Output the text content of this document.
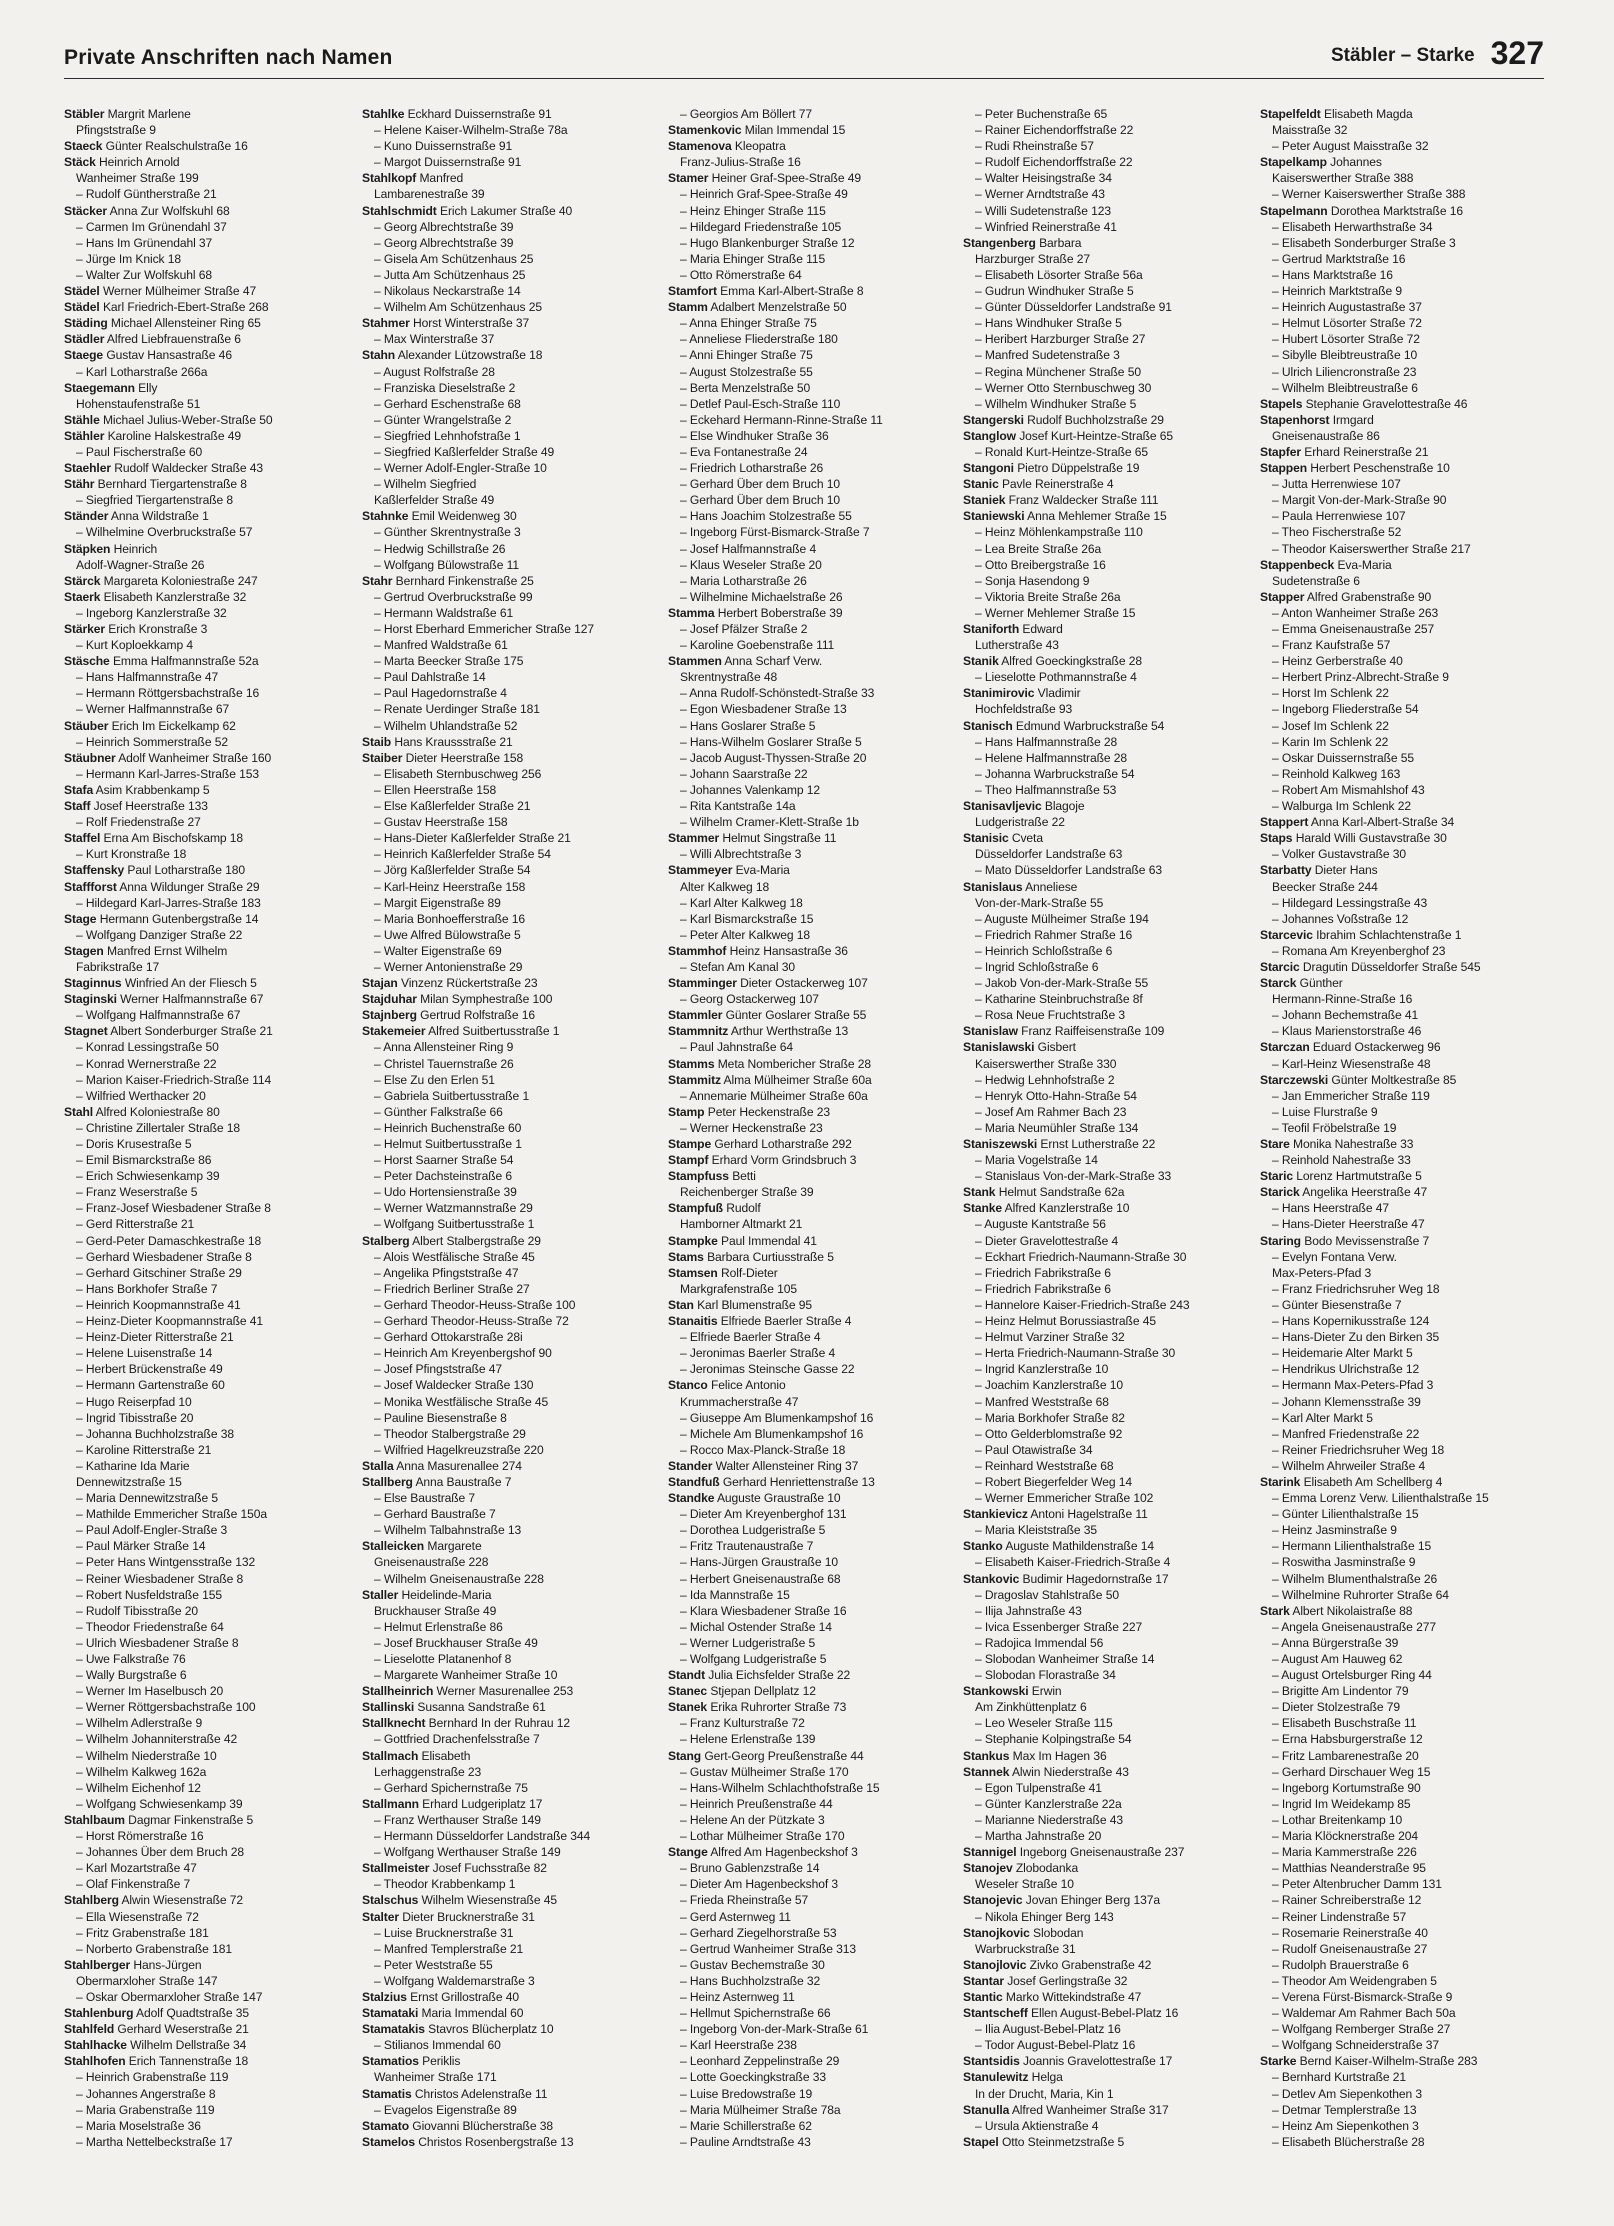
Private Anschriften nach Namen	Stäbler – Starke 327
Stäbler Margrit Marlene
Pfingststraße 9
Staeck Günter Realschulstraße 16
Stäck Heinrich Arnold
Wanheimer Straße 199
– Rudolf Güntherstraße 21
Stäcker Anna Zur Wolfskuhl 68
– Carmen Im Grünendahl 37
– Hans Im Grünendahl 37
– Jürge Im Knick 18
– Walter Zur Wolfskuhl 68
Städel Werner Mülheimer Straße 47
Städel Karl Friedrich-Ebert-Straße 268
Städing Michael Allensteiner Ring 65
Städler Alfred Liebfrauenstraße 6
Staege Gustav Hansastraße 46
– Karl Lotharstraße 266a
Staegemann Elly
Hohenstaufenstraße 51
Stähle Michael Julius-Weber-Straße 50
Stähler Karoline Halskestraße 49
– Paul Fischerstraße 60
Staehler Rudolf Waldecker Straße 43
Stähr Bernhard Tiergartenstraße 8
– Siegfried Tiergartenstraße 8
Ständer Anna Wildstraße 1
– Wilhelmine Overbruckstraße 57
Stäpken Heinrich
Adolf-Wagner-Straße 26
Stärck Margareta Koloniestraße 247
Staerk Elisabeth Kanzlerstraße 32
– Ingeborg Kanzlerstraße 32
Stärker Erich Kronstraße 3
– Kurt Koploekkamp 4
Stäsche Emma Halfmannstraße 52a
– Hans Halfmannstraße 47
– Hermann Röttgersbachstraße 16
– Werner Halfmannstraße 67
Stäuber Erich Im Eickelkamp 62
– Heinrich Sommerstraße 52
Stäubner Adolf Wanheimer Straße 160
– Hermann Karl-Jarres-Straße 153
Stafa Asim Krabbenkamp 5
Staff Josef Heerstraße 133
– Rolf Friedenstraße 27
Staffel Erna Am Bischofskamp 18
– Kurt Kronstraße 18
Staffensky Paul Lotharstraße 180
Staffforst Anna Wildunger Straße 29
– Hildegard Karl-Jarres-Straße 183
Stage Hermann Gutenbergstraße 14
– Wolfgang Danziger Straße 22
Stagen Manfred Ernst Wilhelm
Fabrikstraße 17
Staginnus Winfried An der Fliesch 5
Staginski Werner Halfmannstraße 67
– Wolfgang Halfmannstraße 67
Stagnet Albert Sonderburger Straße 21
– Konrad Lessingstraße 50
– Konrad Wernerstraße 22
– Marion Kaiser-Friedrich-Straße 114
– Wilfried Werthacker 20
Stahl Alfred Koloniestraße 80
– Christine Zillertaler Straße 18
– Doris Krusestraße 5
– Emil Bismarckstraße 86
– Erich Schwiesenkamp 39
– Franz Weserstraße 5
– Franz-Josef Wiesbadener Straße 8
– Gerd Ritterstraße 21
– Gerd-Peter Damaschkestraße 18
– Gerhard Wiesbadener Straße 8
– Gerhard Gitschiner Straße 29
– Hans Borkhofer Straße 7
– Heinrich Koopmannstraße 41
– Heinz-Dieter Koopmannstraße 41
– Heinz-Dieter Ritterstraße 21
– Helene Luisenstraße 14
– Herbert Brückenstraße 49
– Hermann Gartenstraße 60
– Hugo Reiserpfad 10
– Ingrid Tibisstraße 20
– Johanna Buchholzstraße 38
– Karoline Ritterstraße 21
– Katharine Ida Marie
Dennewitzstraße 15
– Maria Dennewitzstraße 5
– Mathilde Emmericher Straße 150a
– Paul Adolf-Engler-Straße 3
– Paul Märker Straße 14
– Peter Hans Wintgensstraße 132
– Reiner Wiesbadener Straße 8
– Robert Nusfeldstraße 155
– Rudolf Tibisstraße 20
– Theodor Friedenstraße 64
– Ulrich Wiesbadener Straße 8
– Uwe Falkstraße 76
– Wally Burgstraße 6
– Werner Im Haselbusch 20
– Werner Röttgersbachstraße 100
– Wilhelm Adlerstraße 9
– Wilhelm Johanniterstraße 42
– Wilhelm Niederstraße 10
– Wilhelm Kalkweg 162a
– Wilhelm Eichenhof 12
– Wolfgang Schwiesenkamp 39
Stahlbaum Dagmar Finkenstraße 5
– Horst Römerstraße 16
– Johannes Über dem Bruch 28
– Karl Mozartstraße 47
– Olaf Finkenstraße 7
Stahlberg Alwin Wiesenstraße 72
– Ella Wiesenstraße 72
– Fritz Grabenstraße 181
– Norberto Grabenstraße 181
Stahlberger Hans-Jürgen
Obermarxloher Straße 147
– Oskar Obermarxloher Straße 147
Stahlenburg Adolf Quadtstraße 35
Stahlfeld Gerhard Weserstraße 21
Stahlhacke Wilhelm Dellstraße 34
Stahlhofen Erich Tannenstraße 18
– Heinrich Grabenstraße 119
– Johannes Angerstraße 8
– Maria Grabenstraße 119
– Maria Moselstraße 36
– Martha Nettelbeckstraße 17
Stahlke Eckhard Duissernstraße 91
– Helene Kaiser-Wilhelm-Straße 78a
– Kuno Duissernstraße 91
– Margot Duissernstraße 91
Stahlkopf Manfred
Lambarenestraße 39
Stahlschmidt Erich Lakumer Straße 40
– Georg Albrechtstraße 39
– Georg Albrechtstraße 39
– Gisela Am Schützenhaus 25
– Jutta Am Schützenhaus 25
– Nikolaus Neckarstraße 14
– Wilhelm Am Schützenhaus 25
Stahmer Horst Winterstraße 37
– Max Winterstraße 37
Stahn Alexander Lützowstraße 18
– August Rolfstraße 28
– Franziska Dieselstraße 2
– Gerhard Eschenstraße 68
– Günter Wrangelstraße 2
– Siegfried Lehnhofstraße 1
– Siegfried Kaßlerfelder Straße 49
– Werner Adolf-Engler-Straße 10
– Wilhelm Siegfried
Kaßlerfelder Straße 49
Stahnke Emil Weidenweg 30
– Günther Skrentnystraße 3
– Hedwig Schillstraße 26
– Wolfgang Bülowstraße 11
Stahr Bernhard Finkenstraße 25
– Gertrud Overbruckstraße 99
– Hermann Waldstraße 61
– Horst Eberhard Emmericher Straße 127
– Manfred Waldstraße 61
– Marta Beecker Straße 175
– Paul Dahlstraße 14
– Paul Hagedornstraße 4
– Renate Uerdinger Straße 181
– Wilhelm Uhlandstraße 52
Staib Hans Kraussstraße 21
Staiber Dieter Heerstraße 158
– Elisabeth Sternbuschweg 256
– Ellen Heerstraße 158
– Else Kaßlerfelder Straße 21
– Gustav Heerstraße 158
– Hans-Dieter Kaßlerfelder Straße 21
– Heinrich Kaßlerfelder Straße 54
– Jörg Kaßlerfelder Straße 54
– Karl-Heinz Heerstraße 158
– Margit Eigenstraße 89
– Maria Bonhoefferstraße 16
– Uwe Alfred Bülowstraße 5
– Walter Eigenstraße 69
– Werner Antonienstraße 29
Stajan Vinzenz Rückertstraße 23
Stajduhar Milan Symphestraße 100
Stajnberg Gertrud Rolfstraße 16
Stakemeier Alfred Suitbertusstraße 1
– Anna Allensteiner Ring 9
– Christel Tauernstraße 26
– Else Zu den Erlen 51
– Gabriela Suitbertusstraße 1
– Günther Falkstraße 66
– Heinrich Buchenstraße 60
– Helmut Suitbertusstraße 1
– Horst Saarner Straße 54
– Peter Dachsteinstraße 6
– Udo Hortensienstraße 39
– Werner Watzmannstraße 29
– Wolfgang Suitbertusstraße 1
Stalberg Albert Stalbergstraße 29
– Alois Westfälische Straße 45
– Angelika Pfingststraße 47
– Friedrich Berliner Straße 27
– Gerhard Theodor-Heuss-Straße 100
– Gerhard Theodor-Heuss-Straße 72
– Gerhard Ottokarstraße 28i
– Heinrich Am Kreyenbergshof 90
– Josef Pfingststraße 47
– Josef Waldecker Straße 130
– Monika Westfälische Straße 45
– Pauline Biesenstraße 8
– Theodor Stalbergstraße 29
– Wilfried Hagelkreuzstraße 220
Stalla Anna Masurenallee 274
Stallberg Anna Baustraße 7
– Else Baustraße 7
– Gerhard Baustraße 7
– Wilhelm Talbahnstraße 13
Stalleicken Margarete
Gneisenaustraße 228
– Wilhelm Gneisenaustraße 228
Staller Heidelinde-Maria
Bruckhauser Straße 49
– Helmut Erlenstraße 86
– Josef Bruckhauser Straße 49
– Lieselotte Platanenhof 8
– Margarete Wanheimer Straße 10
Stallheinrich Werner Masurenallee 253
Stallinski Susanna Sandstraße 61
Stallknecht Bernhard In der Ruhrau 12
– Gottfried Drachenfelsstraße 7
Stallmach Elisabeth
Lerhaggenstraße 23
– Gerhard Spichernstraße 75
Stallmann Erhard Ludgeriplatz 17
– Franz Werthauser Straße 149
– Hermann Düsseldorfer Landstraße 344
– Wolfgang Werthauser Straße 149
Stallmeister Josef Fuchsstraße 82
– Theodor Krabbenkamp 1
Stalschus Wilhelm Wiesenstraße 45
Stalter Dieter Brucknerstraße 31
– Luise Brucknerstraße 31
– Manfred Templerstraße 21
– Peter Weststraße 55
– Wolfgang Waldemarstraße 3
Stalzius Ernst Grillostraße 40
Stamataki Maria Immendal 60
Stamatakis Stavros Blücherplatz 10
– Stilianos Immendal 60
Stamatios Periklis
Wanheimer Straße 171
Stamatis Christos Adelenstraße 11
– Evagelos Eigenstraße 89
Stamato Giovanni Blücherstraße 38
Stamelos Christos Rosenbergstraße 13
– Georgios Am Böllert 77
Stamenkovic Milan Immendal 15
Stamenova Kleopatra
Franz-Julius-Straße 16
Stamer Heiner Graf-Spee-Straße 49
– Heinrich Graf-Spee-Straße 49
– Heinz Ehinger Straße 115
– Hildegard Friedenstraße 105
– Hugo Blankenburger Straße 12
– Maria Ehinger Straße 115
– Otto Römerstraße 64
Stamfort Emma Karl-Albert-Straße 8
Stamm Adalbert Menzelstraße 50
– Anna Ehinger Straße 75
– Anneliese Fliederstraße 180
– Anni Ehinger Straße 75
– August Stolzestraße 55
– Berta Menzelstraße 50
– Detlef Paul-Esch-Straße 110
– Eckehard Hermann-Rinne-Straße 11
– Else Windhuker Straße 36
– Eva Fontanestraße 24
– Friedrich Lotharstraße 26
– Gerhard Über dem Bruch 10
– Gerhard Über dem Bruch 10
– Hans Joachim Stolzestraße 55
– Ingeborg Fürst-Bismarck-Straße 7
– Josef Halfmannstraße 4
– Klaus Weseler Straße 20
– Maria Lotharstraße 26
– Wilhelmine Michaelstraße 26
Stamma Herbert Boberstraße 39
– Josef Pfälzer Straße 2
– Karoline Goebenstraße 111
Stammen Anna Scharf Verw.
Skrentnystraße 48
– Anna Rudolf-Schönstedt-Straße 33
– Egon Wiesbadener Straße 13
– Hans Goslarer Straße 5
– Hans-Wilhelm Goslarer Straße 5
– Jacob August-Thyssen-Straße 20
– Johann Saarstraße 22
– Johannes Valenkamp 12
– Rita Kantstraße 14a
– Wilhelm Cramer-Klett-Straße 1b
Stammer Helmut Singstraße 11
– Willi Albrechtstraße 3
Stammeyer Eva-Maria
Alter Kalkweg 18
– Karl Alter Kalkweg 18
– Karl Bismarckstraße 15
– Peter Alter Kalkweg 18
Stammhof Heinz Hansastraße 36
– Stefan Am Kanal 30
Stamminger Dieter Ostackerweg 107
– Georg Ostackerweg 107
Stammler Günter Goslarer Straße 55
Stammnitz Arthur Werthstraße 13
– Paul Jahnstraße 64
Stamms Meta Nombericher Straße 28
Stammitz Alma Mülheimer Straße 60a
– Annemarie Mülheimer Straße 60a
Stamp Peter Heckenstraße 23
– Werner Heckenstraße 23
Stampe Gerhard Lotharstraße 292
Stampf Erhard Vorm Grindsbruch 3
Stampfuss Betti
Reichenberger Straße 39
Stampfuß Rudolf
Hamborner Altmarkt 21
Stampke Paul Immendal 41
Stams Barbara Curtiusstraße 5
Stamsen Rolf-Dieter
Markgrafenstraße 105
Stan Karl Blumenstraße 95
Stanaitis Elfriede Baerler Straße 4
– Elfriede Baerler Straße 4
– Jeronimas Baerler Straße 4
– Jeronimas Steinsche Gasse 22
Stanco Felice Antonio
Krummacherstraße 47
– Giuseppe Am Blumenkampshof 16
– Michele Am Blumenkampshof 16
– Rocco Max-Planck-Straße 18
Stander Walter Allensteiner Ring 37
Standfuß Gerhard Henriettenstraße 13
Standke Auguste Graustraße 10
– Dieter Am Kreyenberghof 131
– Dorothea Ludgeristraße 5
– Fritz Trautenaustraße 7
– Hans-Jürgen Graustraße 10
– Herbert Gneisenaustraße 68
– Ida Mannstraße 15
– Klara Wiesbadener Straße 16
– Michal Ostender Straße 14
– Werner Ludgeristraße 5
– Wolfgang Ludgeristraße 5
Standt Julia Eichsfelder Straße 22
Stanec Stjepan Dellplatz 12
Stanek Erika Ruhrorter Straße 73
– Franz Kulturstraße 72
– Helene Erlenstraße 139
Stang Gert-Georg Preußenstraße 44
– Gustav Mülheimer Straße 170
– Hans-Wilhelm Schlachthofstraße 15
– Heinrich Preußenstraße 44
– Helene An der Pützkate 3
– Lothar Mülheimer Straße 170
Stange Alfred Am Hagenbeckshof 3
– Bruno Gablenzstraße 14
– Dieter Am Hagenbeckshof 3
– Frieda Rheinstraße 57
– Gerd Asternweg 11
– Gerhard Ziegelhorstraße 53
– Gertrud Wanheimer Straße 313
– Gustav Bechemstraße 30
– Hans Buchholzstraße 32
– Heinz Asternweg 11
– Hellmut Spichernstraße 66
– Ingeborg Von-der-Mark-Straße 61
– Karl Heerstraße 238
– Leonhard Zeppelinstraße 29
– Lotte Goeckingkstraße 33
– Luise Bredowstraße 19
– Maria Mülheimer Straße 78a
– Marie Schillerstraße 62
– Pauline Arndtstraße 43
– Peter Buchenstraße 65
– Rainer Eichendorffstraße 22
– Rudi Rheinstraße 57
– Rudolf Eichendorffstraße 22
– Walter Heisingstraße 34
– Werner Arndtstraße 43
– Willi Sudetenstraße 123
– Winfried Reinerstraße 41
Stangenberg Barbara
Harzburger Straße 27
– Elisabeth Lösorter Straße 56a
– Gudrun Windhuker Straße 5
– Günter Düsseldorfer Landstraße 91
– Hans Windhuker Straße 5
– Heribert Harzburger Straße 27
– Manfred Sudetenstraße 3
– Regina Münchener Straße 50
– Werner Otto Sternbuschweg 30
– Wilhelm Windhuker Straße 5
Stangerski Rudolf Buchholzstraße 29
Stanglow Josef Kurt-Heintze-Straße 65
– Ronald Kurt-Heintze-Straße 65
Stangoni Pietro Düppelstraße 19
Stanic Pavle Reinerstraße 4
Staniek Franz Waldecker Straße 111
Staniewski Anna Mehlemer Straße 15
– Heinz Möhlenkampstraße 110
– Lea Breite Straße 26a
– Otto Breibergstraße 16
– Sonja Hasendong 9
– Viktoria Breite Straße 26a
– Werner Mehlemer Straße 15
Staniforth Edward
Lutherstraße 43
Stanik Alfred Goeckingkstraße 28
– Lieselotte Pothmannstraße 4
Stanimirovic Vladimir
Hochfeldstraße 93
Stanisch Edmund Warbruckstraße 54
– Hans Halfmannstraße 28
– Helene Halfmannstraße 28
– Johanna Warbruckstraße 54
– Theo Halfmannstraße 53
Stanisavljevic Blagoje
Ludgeristraße 22
Stanisic Cveta
Düsseldorfer Landstraße 63
– Mato Düsseldorfer Landstraße 63
Stanislaus Anneliese
Von-der-Mark-Straße 55
– Auguste Mülheimer Straße 194
– Friedrich Rahmer Straße 16
– Heinrich Schloßstraße 6
– Ingrid Schloßstraße 6
– Jakob Von-der-Mark-Straße 55
– Katharine Steinbruchstraße 8f
– Rosa Neue Fruchtstraße 3
Stanislaw Franz Raiffeisenstraße 109
Stanislawski Gisbert
Kaiserswerther Straße 330
– Hedwig Lehnhofstraße 2
– Henryk Otto-Hahn-Straße 54
– Josef Am Rahmer Bach 23
– Maria Neumühler Straße 134
Staniszewski Ernst Lutherstraße 22
– Maria Vogelstraße 14
– Stanislaus Von-der-Mark-Straße 33
Stank Helmut Sandstraße 62a
Stanke Alfred Kanzlerstraße 10
– Auguste Kantstraße 56
– Dieter Gravelottestraße 4
– Eckhart Friedrich-Naumann-Straße 30
– Friedrich Fabrikstraße 6
– Friedrich Fabrikstraße 6
– Hannelore Kaiser-Friedrich-Straße 243
– Heinz Helmut Borussiastraße 45
– Helmut Varziner Straße 32
– Herta Friedrich-Naumann-Straße 30
– Ingrid Kanzlerstraße 10
– Joachim Kanzlerstraße 10
– Manfred Weststraße 68
– Maria Borkhofer Straße 82
– Otto Gelderblomstraße 92
– Paul Otawistraße 34
– Reinhard Weststraße 68
– Robert Biegerfelder Weg 14
– Werner Emmericher Straße 102
Stankievicz Antoni Hagelstraße 11
– Maria Kleiststraße 35
Stanko Auguste Mathildenstraße 14
– Elisabeth Kaiser-Friedrich-Straße 4
Stankovic Budimir Hagedornstraße 17
– Dragoslav Stahlstraße 50
– Ilija Jahnstraße 43
– Ivica Essenberger Straße 227
– Radojica Immendal 56
– Slobodan Wanheimer Straße 14
– Slobodan Florastraße 34
Stankowski Erwin
Am Zinkhüttenplatz 6
– Leo Weseler Straße 115
– Stephanie Kolpingstraße 54
Stankus Max Im Hagen 36
Stannek Alwin Niederstraße 43
– Egon Tulpenstraße 41
– Günter Kanzlerstraße 22a
– Marianne Niederstraße 43
– Martha Jahnstraße 20
Stannigel Ingeborg Gneisenaustraße 237
Stanojev Zlobodanka
Weseler Straße 10
Stanojevic Jovan Ehinger Berg 137a
– Nikola Ehinger Berg 143
Stanojkovic Slobodan
Warbruckstraße 31
Stanojlovic Zivko Grabenstraße 42
Stantar Josef Gerlingstraße 32
Stantic Marko Wittekindstraße 47
Stantscheff Ellen August-Bebel-Platz 16
– Ilia August-Bebel-Platz 16
– Todor August-Bebel-Platz 16
Stantsidis Joannis Gravelottestraße 17
Stanulewitz Helga
In der Drucht, Maria, Kin 1
Stanulla Alfred Wanheimer Straße 317
– Ursula Aktienstraße 4
Stapel Otto Steinmetzstraße 5
Stapelfeldt Elisabeth Magda
Maisstraße 32
– Peter August Maisstraße 32
Stapelkamp Johannes
Kaiserswerther Straße 388
– Werner Kaiserswerther Straße 388
Stapelmann Dorothea Marktstraße 16
– Elisabeth Herwarthstraße 34
– Elisabeth Sonderburger Straße 3
– Gertrud Marktstraße 16
– Hans Marktstraße 16
– Heinrich Marktstraße 9
– Heinrich Augustastraße 37
– Helmut Lösorter Straße 72
– Hubert Lösorter Straße 72
– Sibylle Bleibtreustraße 10
– Ulrich Liliencronstraße 23
– Wilhelm Bleibtreustraße 6
Stapels Stephanie Gravelottestraße 46
Stapenhorst Irmgard
Gneisenaustraße 86
Stapfer Erhard Reinerstraße 21
Stappen Herbert Peschenstraße 10
– Jutta Herrenwiese 107
– Margit Von-der-Mark-Straße 90
– Paula Herrenwiese 107
– Theo Fischerstraße 52
– Theodor Kaiserswerther Straße 217
Stappenbeck Eva-Maria
Sudetenstraße 6
Stapper Alfred Grabenstraße 90
– Anton Wanheimer Straße 263
– Emma Gneisenaustraße 257
– Franz Kaufstraße 57
– Heinz Gerberstraße 40
– Herbert Prinz-Albrecht-Straße 9
– Horst Im Schlenk 22
– Ingeborg Fliederstraße 54
– Josef Im Schlenk 22
– Karin Im Schlenk 22
– Oskar Duissernstraße 55
– Reinhold Kalkweg 163
– Robert Am Mismahlshof 43
– Walburga Im Schlenk 22
Stappert Anna Karl-Albert-Straße 34
Staps Harald Willi Gustavstraße 30
– Volker Gustavstraße 30
Starbatty Dieter Hans
Beecker Straße 244
– Hildegard Lessingstraße 43
– Johannes Voßstraße 12
Starcevic Ibrahim Schlachtenstraße 1
– Romana Am Kreyenberghof 23
Starcic Dragutin Düsseldorfer Straße 545
Starck Günther
Hermann-Rinne-Straße 16
– Johann Bechemstraße 41
– Klaus Marienstorstraße 46
Starczan Eduard Ostackerweg 96
– Karl-Heinz Wiesenstraße 48
Starczewski Günter Moltkestraße 85
– Jan Emmericher Straße 119
– Luise Flurstraße 9
– Teofil Fröbelstraße 19
Stare Monika Nahestraße 33
– Reinhold Nahestraße 33
Staric Lorenz Hartmutstraße 5
Starick Angelika Heerstraße 47
– Hans Heerstraße 47
– Hans-Dieter Heerstraße 47
Staring Bodo Mevissenstraße 7
– Evelyn Fontana Verw.
Max-Peters-Pfad 3
– Franz Friedrichsruher Weg 18
– Günter Biesenstraße 7
– Hans Kopernikusstraße 124
– Hans-Dieter Zu den Birken 35
– Heidemarie Alter Markt 5
– Hendrikus Ulrichstraße 12
– Hermann Max-Peters-Pfad 3
– Johann Klemensstraße 39
– Karl Alter Markt 5
– Manfred Friedenstraße 22
– Reiner Friedrichsruher Weg 18
– Wilhelm Ahrweiler Straße 4
Starink Elisabeth Am Schellberg 4
– Emma Lorenz Verw. Lilienthalstraße 15
– Günter Lilienthalstraße 15
– Heinz Jasminstraße 9
– Hermann Lilienthalstraße 15
– Roswitha Jasminstraße 9
– Wilhelm Blumenthalstraße 26
– Wilhelmine Ruhrorter Straße 64
Stark Albert Nikolaistraße 88
– Angela Gneisenaustraße 277
– Anna Bürgerstraße 39
– August Am Hauweg 62
– August Ortelsburger Ring 44
– Brigitte Am Lindentor 79
– Dieter Stolzestraße 79
– Elisabeth Buschstraße 11
– Erna Habsburgerstraße 12
– Fritz Lambarenestraße 20
– Gerhard Dirschauer Weg 15
– Ingeborg Kortumstraße 90
– Ingrid Im Weidekamp 85
– Lothar Breitenkamp 10
– Maria Klöcknerstraße 204
– Maria Kammerstraße 226
– Matthias Neanderstraße 95
– Peter Altenbrucher Damm 131
– Rainer Schreiberstraße 12
– Reiner Lindenstraße 57
– Rosemarie Reinerstraße 40
– Rudolf Gneisenaustraße 27
– Rudolph Brauerstraße 6
– Theodor Am Weidengraben 5
– Verena Fürst-Bismarck-Straße 9
– Waldemar Am Rahmer Bach 50a
– Wolfgang Remberger Straße 27
– Wolfgang Schneiderstraße 37
Starke Bernd Kaiser-Wilhelm-Straße 283
– Bernhard Kurtstraße 21
– Detlev Am Siepenkothen 3
– Detmar Templerstraße 13
– Heinz Am Siepenkothen 3
– Elisabeth Blücherstraße 28
